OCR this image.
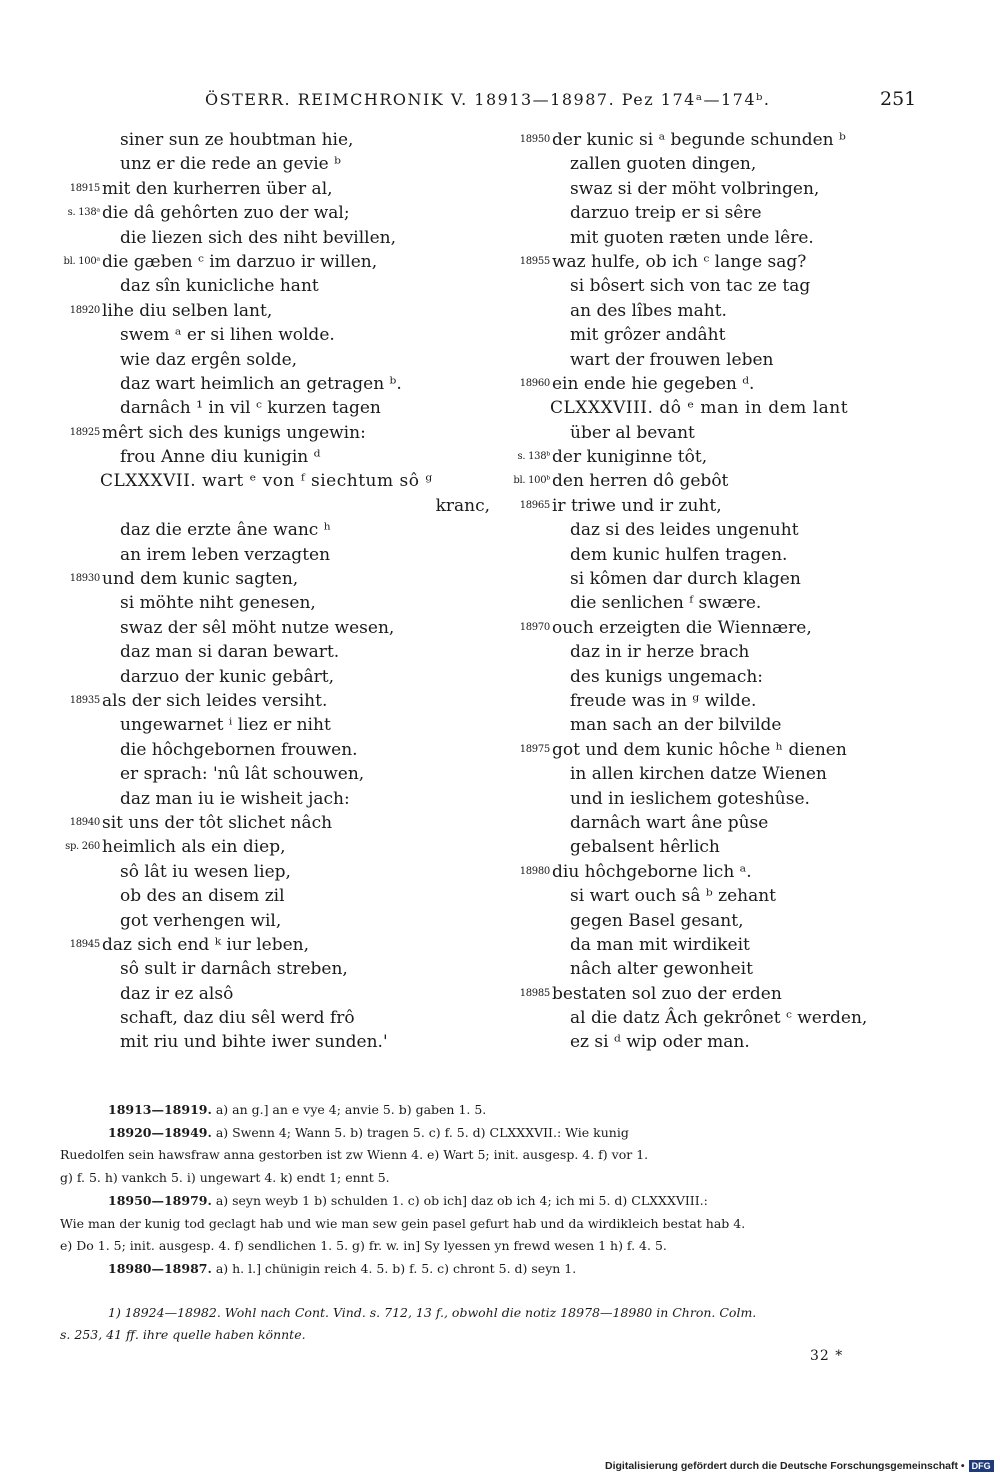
ÖSTERR. REIMCHRONIK V. 18913—18987. Pez 174ᵃ—174ᵇ.	251
siner sun ze houbtman hie,
unz er die rede an gevie ᵇ
18915 mit den kurherren über al,
s. 138ᵃ die dâ gehôrten zuo der wal;
die liezen sich des niht bevillen,
bl. 100ᵃ die gæben ᶜ im darzuo ir willen,
daz sîn kunicliche hant
18920 lihe diu selben lant,
swem ᵃ er si lihen wolde.
wie daz ergên solde,
daz wart heimlich an getragen ᵇ.
darnâch ¹ in vil ᶜ kurzen tagen
18925 mêrt sich des kunigs ungewin:
frou Anne diu kunigin ᵈ
CLXXXVII. wart ᵉ von ᶠ siechtum sô ᵍ
kranc,
daz die erzte âne wanc ʰ
an irem leben verzagten
18930 und dem kunic sagten,
si möhte niht genesen,
swaz der sêl möht nutze wesen,
daz man si daran bewart.
darzuo der kunic gebârt,
18935 als der sich leides versiht.
ungewarnet ⁱ liez er niht
die hôchgebornen frouwen.
er sprach: 'nû lât schouwen,
daz man iu ie wisheit jach:
18940 sit uns der tôt slichet nâch
sp. 260 heimlich als ein diep,
sô lât iu wesen liep,
ob des an disem zil
got verhengen wil,
18945 daz sich end ᵏ iur leben,
sô sult ir darnâch streben,
daz ir ez alsô
schaft, daz diu sêl werd frô
mit riu und bihte iwer sunden.'
18950 der kunic si ᵃ begunde schunden ᵇ
zallen guoten dingen,
swaz si der möht volbringen,
darzuo treip er si sêre
mit guoten ræten unde lêre.
18955 waz hulfe, ob ich ᶜ lange sag?
si bôsert sich von tac ze tag
an des lîbes maht.
mit grôzer andâht
wart der frouwen leben
18960 ein ende hie gegeben ᵈ.
CLXXXVIII. dô ᵉ man in dem lant
über al bevant
s. 138ᵇ der kuniginne tôt,
bl. 100ᵇ den herren dô gebôt
18965 ir triwe und ir zuht,
daz si des leides ungenuht
dem kunic hulfen tragen.
si kômen dar durch klagen
die senlichen ᶠ swære.
18970 ouch erzeigten die Wiennære,
daz in ir herze brach
des kunigs ungemach:
freude was in ᵍ wilde.
man sach an der bilvilde
18975 got und dem kunic hôche ʰ dienen
in allen kirchen datze Wienen
und in ieslichem goteshûse.
darnâch wart âne pûse
gebalsent hêrlich
18980 diu hôchgeborne lich ᵃ.
si wart ouch sâ ᵇ zehant
gegen Basel gesant,
da man mit wirdikeit
nâch alter gewonheit
18985 bestaten sol zuo der erden
al die datz Âch gekrônet ᶜ werden,
ez si ᵈ wip oder man.
18913—18919. a) an g.] an e vye 4; anvie 5. b) gaben 1. 5.
18920—18949. a) Swenn 4; Wann 5. b) tragen 5. c) f. 5. d) CLXXXVII.: Wie kunig
Ruedolfen sein hawsfraw anna gestorben ist zw Wienn 4. e) Wart 5; init. ausgesp. 4. f) vor 1.
g) f. 5. h) vankch 5. i) ungewart 4. k) endt 1; ennt 5.
18950—18979. a) seyn weyb 1 b) schulden 1. c) ob ich] daz ob ich 4; ich mi 5. d) CLXXXVIII.:
Wie man der kunig tod geclagt hab und wie man sew gein pasel gefurt hab und da wirdikleich bestat hab 4.
e) Do 1. 5; init. ausgesp. 4. f) sendlichen 1. 5. g) fr. w. in] Sy lyessen yn frewd wesen 1 h) f. 4. 5.
18980—18987. a) h. l.] chünigin reich 4. 5. b) f. 5. c) chront 5. d) seyn 1.
1) 18924—18982. Wohl nach Cont. Vind. s. 712, 13 f., obwohl die notiz 18978—18980 in Chron. Colm.
s. 253, 41 ff. ihre quelle haben könnte.
32 *
Digitalisierung gefördert durch die Deutsche Forschungsgemeinschaft • DFG
